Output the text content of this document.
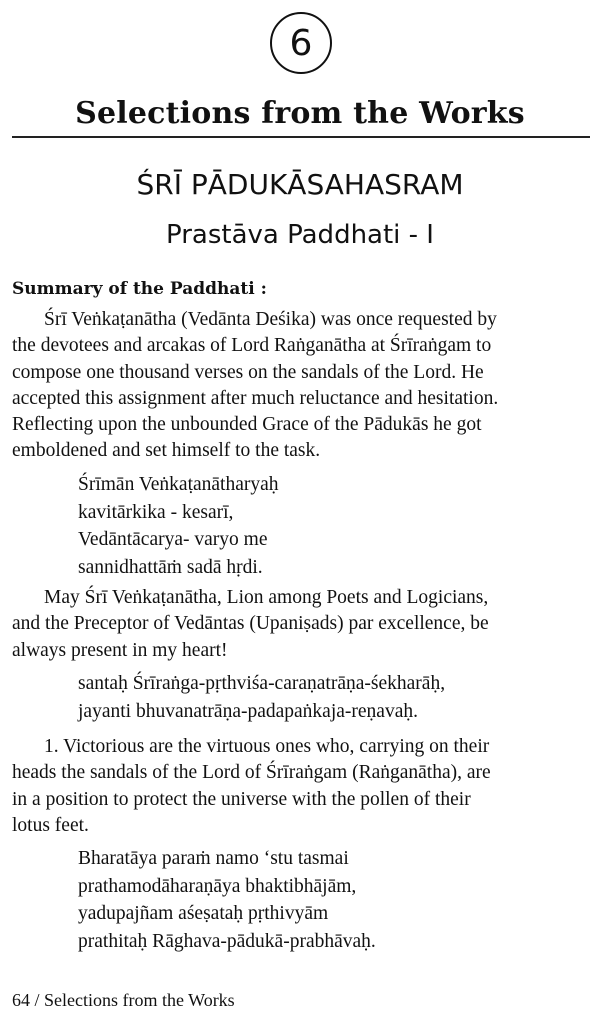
6
Selections from the Works
ŚRĪ PĀDUKĀSAHASRAM
Prastāva Paddhati - I
Summary of the Paddhati :
Śrī Veṅkaṭanātha (Vedānta Deśika) was once requested by
the devotees and arcakas of Lord Raṅganātha at Śrīraṅgam to
compose one thousand verses on the sandals of the Lord. He
accepted this assignment after much reluctance and hesitation.
Reflecting upon the unbounded Grace of the Pādukās he got
emboldened and set himself to the task.
Śrīmān Veṅkaṭanātharyaḥ
kavitārkika - kesarī,
Vedāntācarya- varyo me
sannidhattāṁ sadā hṛdi.
May Śrī Veṅkaṭanātha, Lion among Poets and Logicians,
and the Preceptor of Vedāntas (Upaniṣads) par excellence, be
always present in my heart!
santaḥ Śrīraṅga-pṛthviśa-caraṇatrāṇa-śekharāḥ,
jayanti bhuvanatrāṇa-padapaṅkaja-reṇavaḥ.
1. Victorious are the virtuous ones who, carrying on their
heads the sandals of the Lord of Śrīraṅgam (Raṅganātha), are
in a position to protect the universe with the pollen of their
lotus feet.
Bharatāya paraṁ namo ‘stu tasmai
prathamodāharaṇāya bhaktibhājām,
yadupajñam aśeṣataḥ pṛthivyām
prathitaḥ Rāghava-pādukā-prabhāvaḥ.
64 / Selections from the Works
